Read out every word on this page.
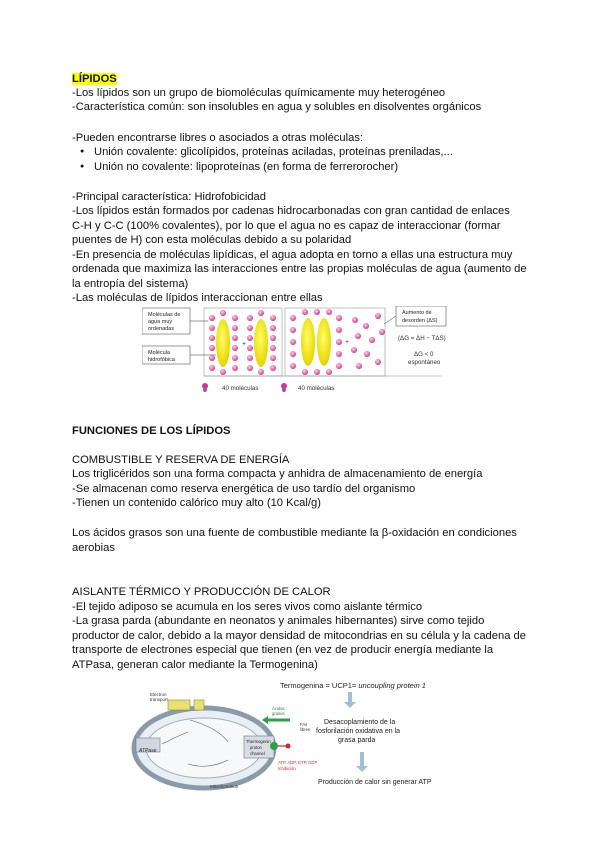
LÍPIDOS
-Los lípidos son un grupo de biomoléculas químicamente muy heterogéneo
-Característica común: son insolubles en agua y solubles en disolventes orgánicos
-Pueden encontrarse libres o asociados a otras moléculas:
● Unión covalente: glicolípidos, proteínas aciladas, proteínas preniladas,...
● Unión no covalente: lipoproteínas (en forma de ferrerorocher)
-Principal característica: Hidrofobicidad
-Los lípidos están formados por cadenas hidrocarbonadas con gran cantidad de enlaces
C-H y C-C (100% covalentes), por lo que el agua no es capaz de interaccionar (formar
puentes de H) con esta moléculas debido a su polaridad
-En presencia de moléculas lipídicas, el agua adopta en torno a ellas una estructura muy
ordenada que maximiza las interacciones entre las propias moléculas de agua (aumento de
la entropía del sistema)
-Las moléculas de lípidos interaccionan entre ellas
+	+
Moléculas de
agua muy
ordenadas
Molécula
hidrofóbica
Aumento de
desorden (ΔS)
(ΔG = ΔH − TΔS)
ΔG < 0
espontáneo
40 moléculas	40 moléculas
FUNCIONES DE LOS LÍPIDOS
COMBUSTIBLE Y RESERVA DE ENERGÍA
Los triglicéridos son una forma compacta y anhidra de almacenamiento de energía
-Se almacenan como reserva energética de uso tardío del organismo
-Tienen un contenido calórico muy alto (10 Kcal/g)
Los ácidos grasos son una fuente de combustible mediante la β-oxidación en condiciones
aerobias
AISLANTE TÉRMICO Y PRODUCCIÓN DE CALOR
-El tejido adiposo se acumula en los seres vivos como aislante térmico
-La grasa parda (abundante en neonatos y animales hibernantes) sirve como tejido
productor de calor, debido a la mayor densidad de mitocondrias en su célula y la cadena de
transporte de electrones especial que tienen (en vez de producir energía mediante la
ATPasa, generan calor mediante la Termogenina)
Termogenina = UCP1= uncoupling protein 1
Electron
transport
ATPase
Thermogenin
proton
channel
Mitochondrion
Ácidos
grasos
FAs
libres
ATP, ADP, GTP, GDP
Inhibición
Desacoplamiento de la
fosforilación oxidativa en la
grasa parda
Producción de calor sin generar ATP
